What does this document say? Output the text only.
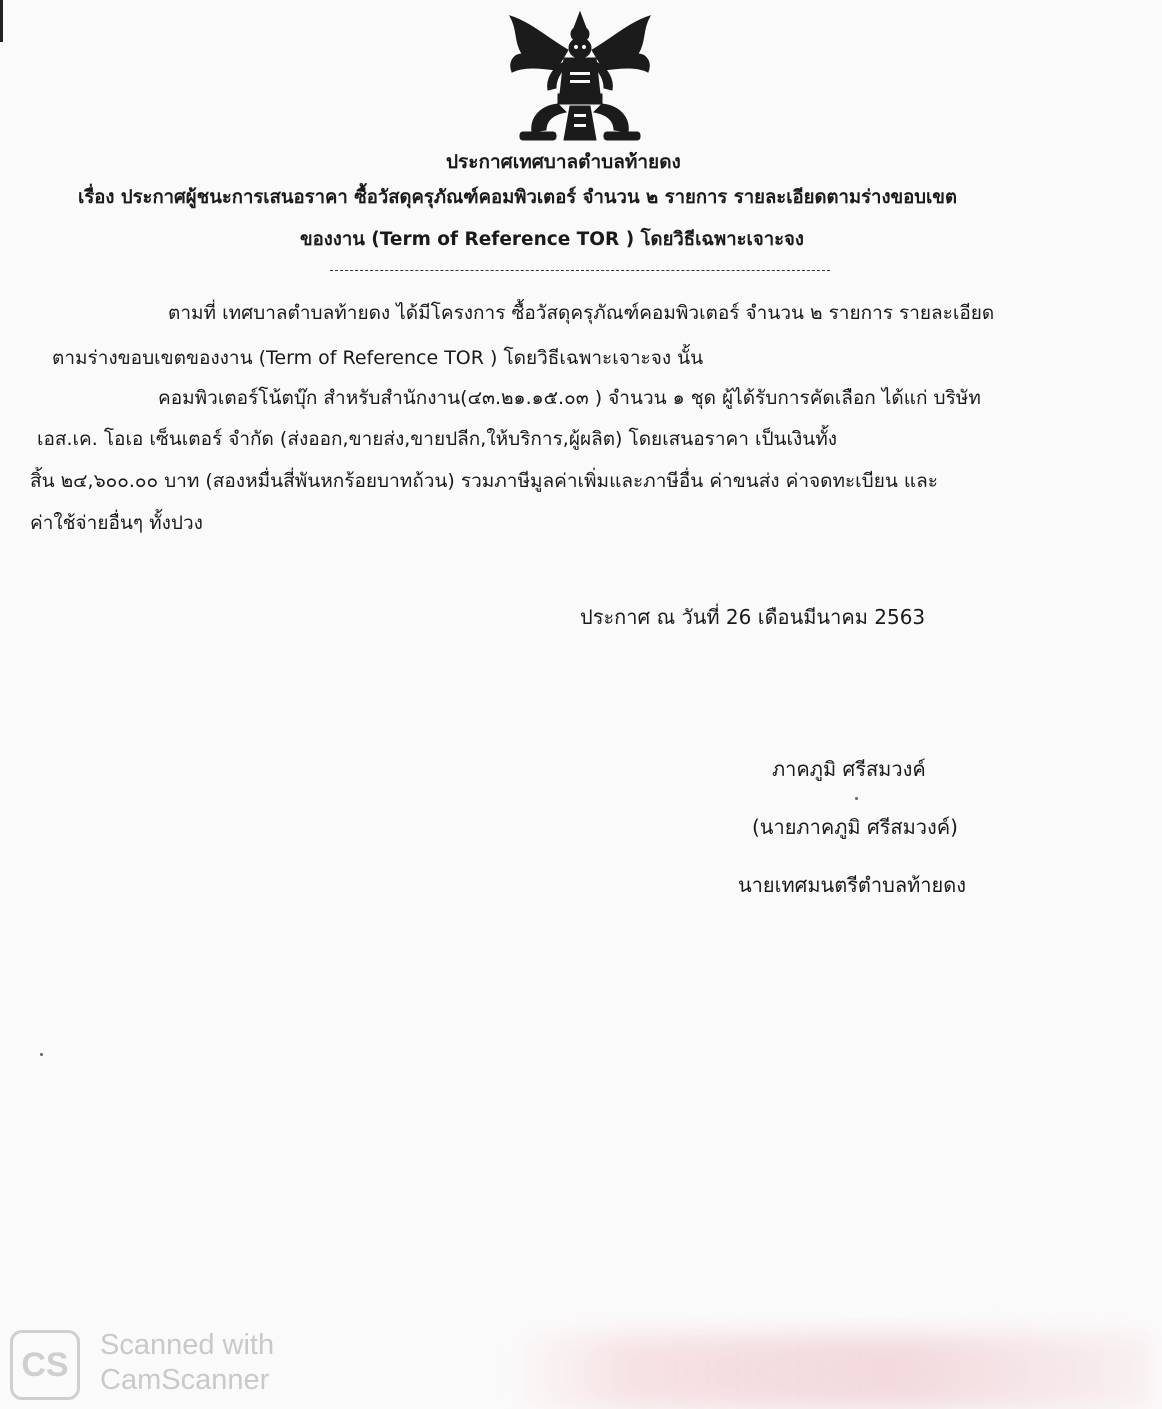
ประกาศเทศบาลตำบลท้ายดง
เรื่อง ประกาศผู้ชนะการเสนอราคา ซื้อวัสดุครุภัณฑ์คอมพิวเตอร์ จำนวน ๒ รายการ รายละเอียดตามร่างขอบเขต
ของงาน (Term of Reference TOR ) โดยวิธีเฉพาะเจาะจง
ตามที่ เทศบาลตำบลท้ายดง ได้มีโครงการ ซื้อวัสดุครุภัณฑ์คอมพิวเตอร์ จำนวน ๒ รายการ รายละเอียด
ตามร่างขอบเขตของงาน (Term of Reference TOR ) โดยวิธีเฉพาะเจาะจง นั้น
คอมพิวเตอร์โน้ตบุ๊ก สำหรับสำนักงาน(๔๓.๒๑.๑๕.๐๓ ) จำนวน ๑ ชุด ผู้ได้รับการคัดเลือก ได้แก่ บริษัท
เอส.เค. โอเอ เซ็นเตอร์ จำกัด (ส่งออก,ขายส่ง,ขายปลีก,ให้บริการ,ผู้ผลิต) โดยเสนอราคา เป็นเงินทั้ง
สิ้น ๒๔,๖๐๐.๐๐ บาท (สองหมื่นสี่พันหกร้อยบาทถ้วน) รวมภาษีมูลค่าเพิ่มและภาษีอื่น ค่าขนส่ง ค่าจดทะเบียน และ
ค่าใช้จ่ายอื่นๆ ทั้งปวง
ประกาศ ณ วันที่ 26 เดือนมีนาคม 2563
ภาคภูมิ ศรีสมวงค์
(นายภาคภูมิ ศรีสมวงค์)
นายเทศมนตรีตำบลท้ายดง
CS
Scanned with
CamScanner
